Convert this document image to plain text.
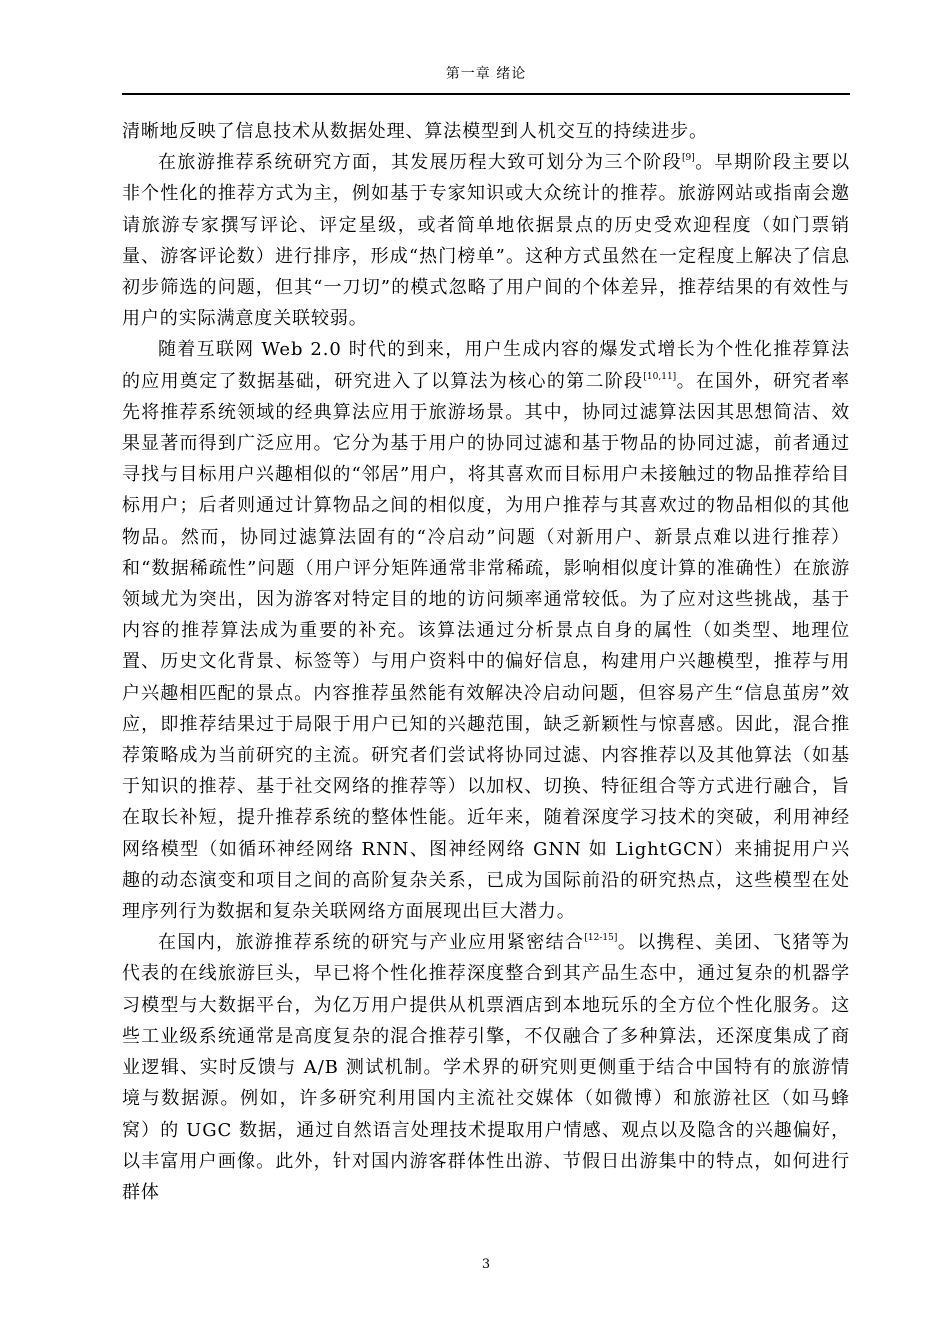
第一章 绪论

清晰地反映了信息技术从数据处理、算法模型到人机交互的持续进步。

在旅游推荐系统研究方面，其发展历程大致可划分为三个阶段[9]。早期阶段主要以非个性化的推荐方式为主，例如基于专家知识或大众统计的推荐。旅游网站或指南会邀请旅游专家撰写评论、评定星级，或者简单地依据景点的历史受欢迎程度（如门票销量、游客评论数）进行排序，形成“热门榜单”。这种方式虽然在一定程度上解决了信息初步筛选的问题，但其“一刀切”的模式忽略了用户间的个体差异，推荐结果的有效性与用户的实际满意度关联较弱。

随着互联网 Web 2.0 时代的到来，用户生成内容的爆发式增长为个性化推荐算法的应用奠定了数据基础，研究进入了以算法为核心的第二阶段[10,11]。在国外，研究者率先将推荐系统领域的经典算法应用于旅游场景。其中，协同过滤算法因其思想简洁、效果显著而得到广泛应用。它分为基于用户的协同过滤和基于物品的协同过滤，前者通过寻找与目标用户兴趣相似的“邻居”用户，将其喜欢而目标用户未接触过的物品推荐给目标用户；后者则通过计算物品之间的相似度，为用户推荐与其喜欢过的物品相似的其他物品。然而，协同过滤算法固有的“冷启动”问题（对新用户、新景点难以进行推荐）和“数据稀疏性”问题（用户评分矩阵通常非常稀疏，影响相似度计算的准确性）在旅游领域尤为突出，因为游客对特定目的地的访问频率通常较低。为了应对这些挑战，基于内容的推荐算法成为重要的补充。该算法通过分析景点自身的属性（如类型、地理位置、历史文化背景、标签等）与用户资料中的偏好信息，构建用户兴趣模型，推荐与用户兴趣相匹配的景点。内容推荐虽然能有效解决冷启动问题，但容易产生“信息茧房”效应，即推荐结果过于局限于用户已知的兴趣范围，缺乏新颖性与惊喜感。因此，混合推荐策略成为当前研究的主流。研究者们尝试将协同过滤、内容推荐以及其他算法（如基于知识的推荐、基于社交网络的推荐等）以加权、切换、特征组合等方式进行融合，旨在取长补短，提升推荐系统的整体性能。近年来，随着深度学习技术的突破，利用神经网络模型（如循环神经网络 RNN、图神经网络 GNN 如 LightGCN）来捕捉用户兴趣的动态演变和项目之间的高阶复杂关系，已成为国际前沿的研究热点，这些模型在处理序列行为数据和复杂关联网络方面展现出巨大潜力。

在国内，旅游推荐系统的研究与产业应用紧密结合[12-15]。以携程、美团、飞猪等为代表的在线旅游巨头，早已将个性化推荐深度整合到其产品生态中，通过复杂的机器学习模型与大数据平台，为亿万用户提供从机票酒店到本地玩乐的全方位个性化服务。这些工业级系统通常是高度复杂的混合推荐引擎，不仅融合了多种算法，还深度集成了商业逻辑、实时反馈与 A/B 测试机制。学术界的研究则更侧重于结合中国特有的旅游情境与数据源。例如，许多研究利用国内主流社交媒体（如微博）和旅游社区（如马蜂窝）的 UGC 数据，通过自然语言处理技术提取用户情感、观点以及隐含的兴趣偏好，以丰富用户画像。此外，针对国内游客群体性出游、节假日出游集中的特点，如何进行群体

3
